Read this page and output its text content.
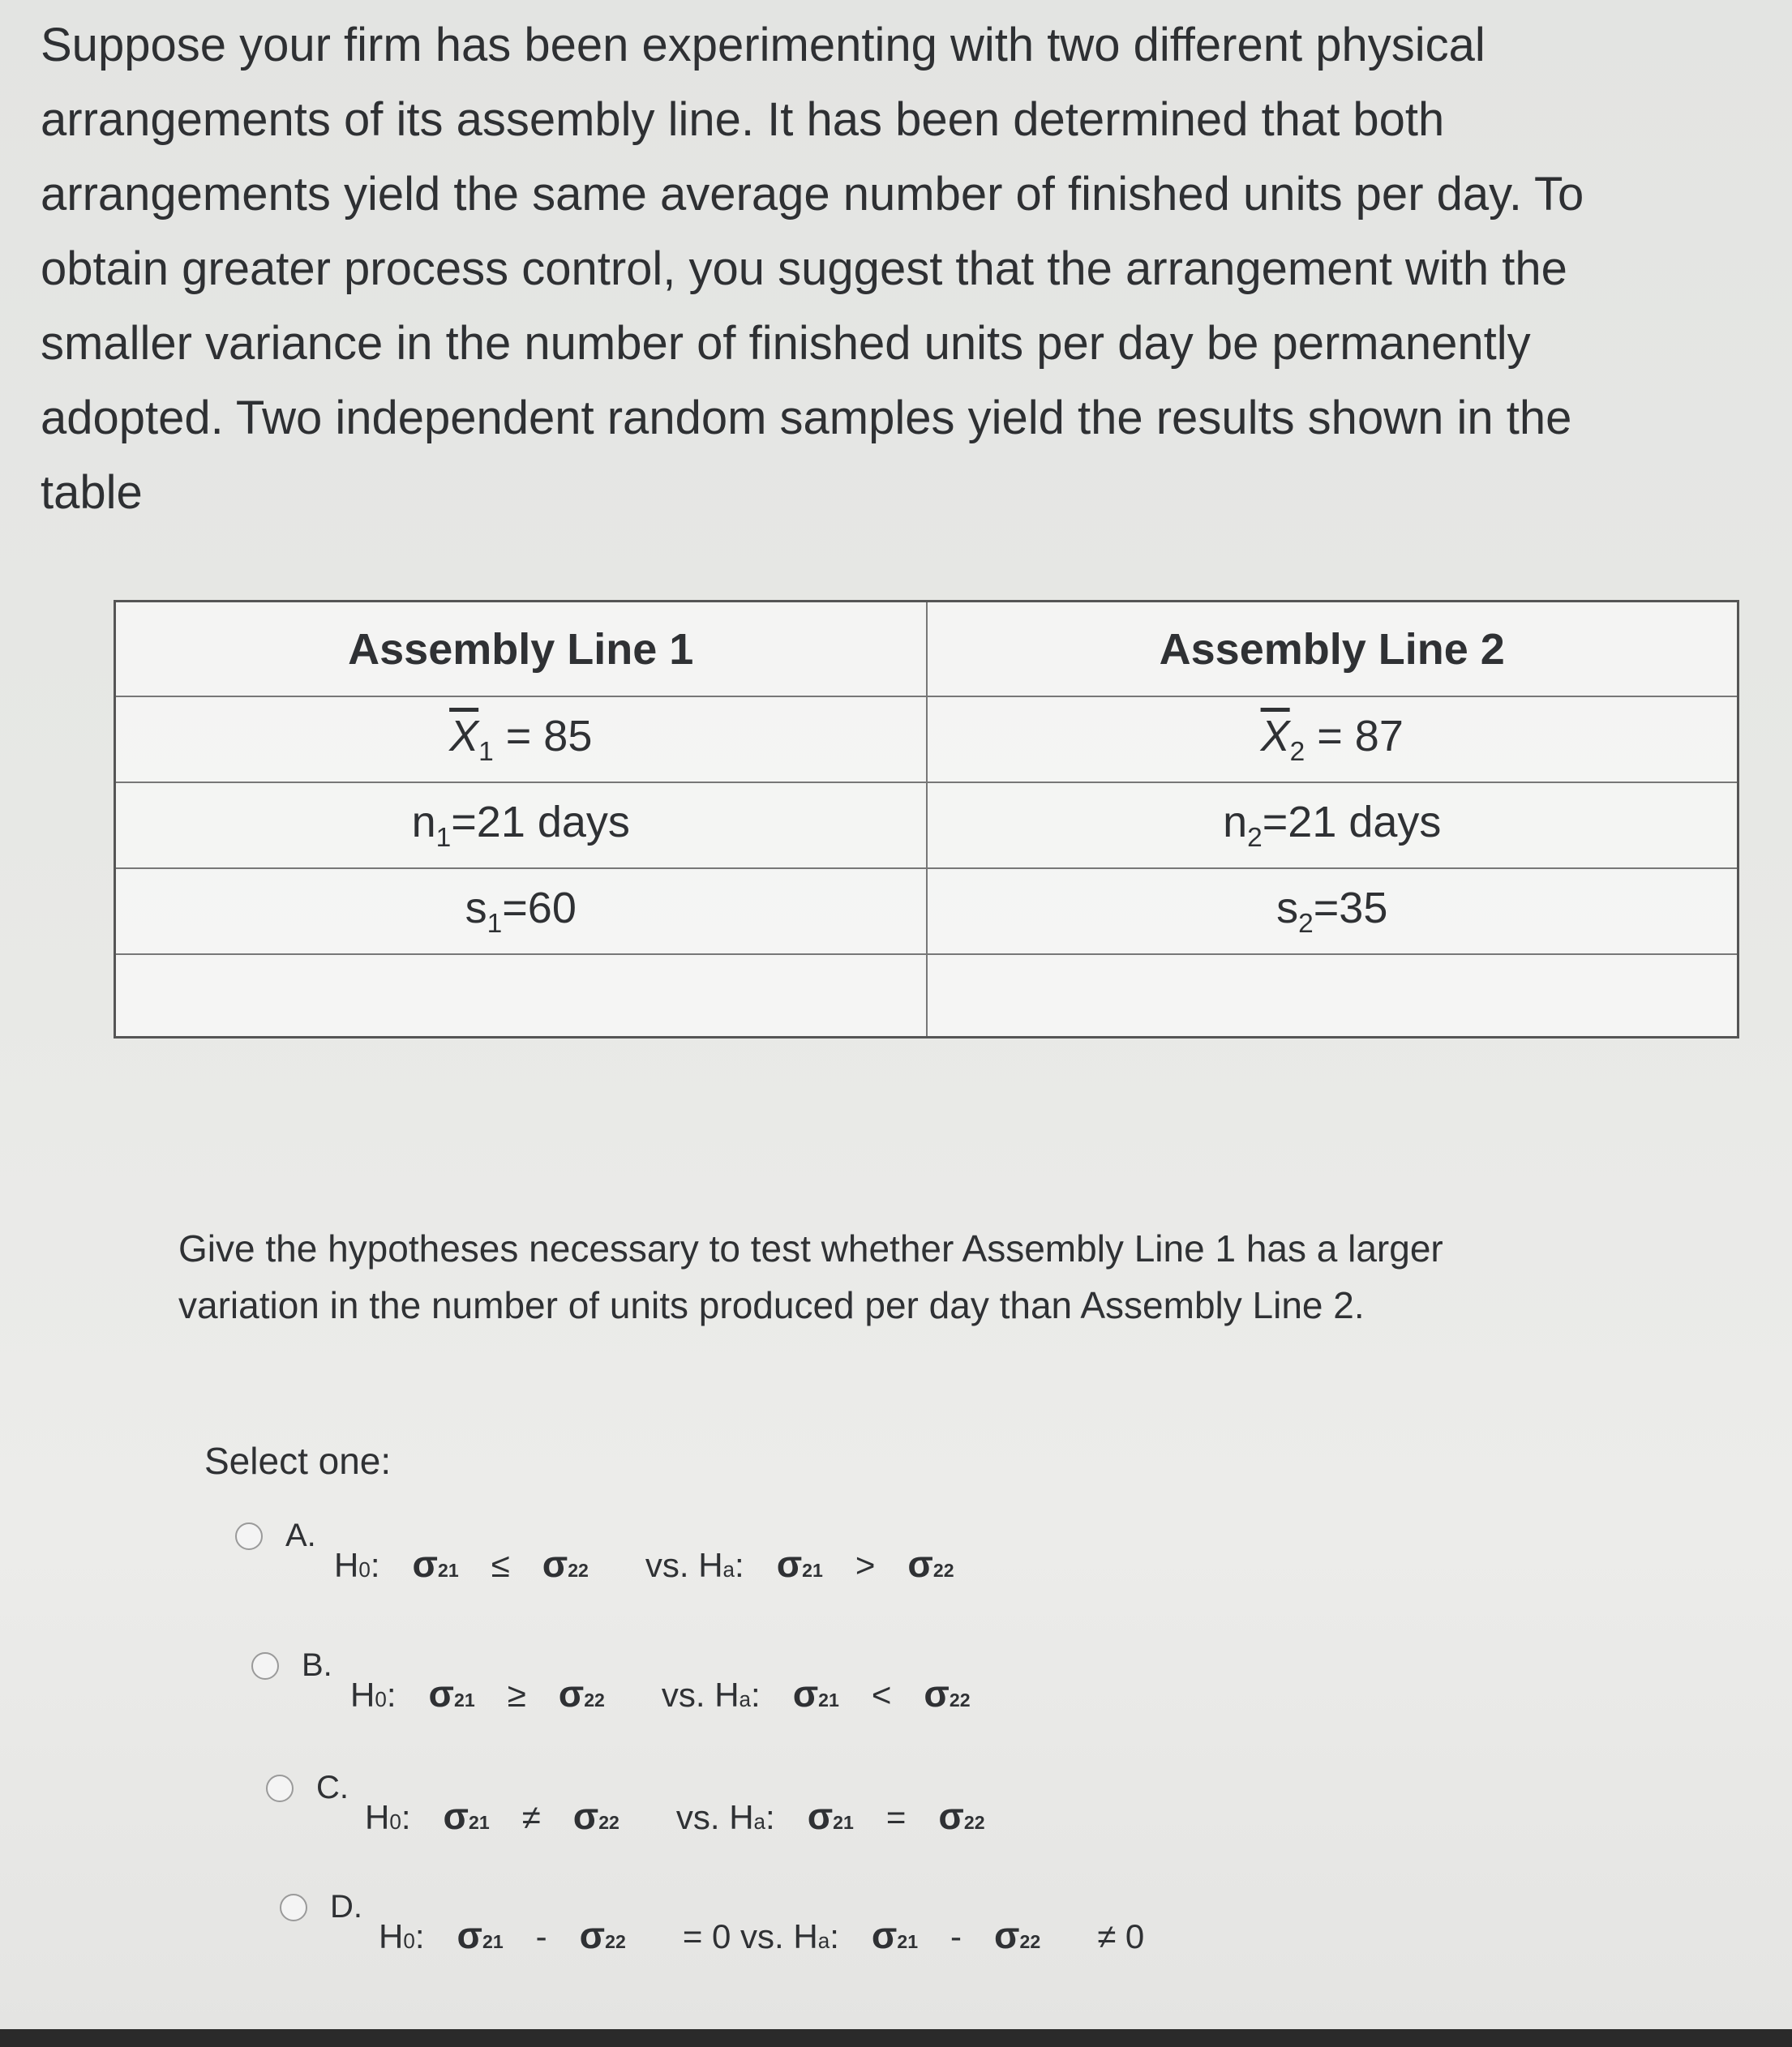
Suppose your firm has been experimenting with two different physical

arrangements of its assembly line. It has been determined that both

arrangements yield the same average number of finished units per day. To

obtain greater process control, you suggest that the arrangement with the

smaller variance in the number of finished units per day be permanently

adopted. Two independent random samples yield the results shown in the

table

Assembly Line 1	Assembly Line 2
$\overline{X}_1 = 85$	$\overline{X}_2 = 87$
$n_1=21$ days	$n_2=21$ days
$s_1=60$	$s_2=35$

Give the hypotheses necessary to test whether Assembly Line 1 has a larger

variation in the number of units produced per day than Assembly Line 2.

Select one:
A.
H 0 : $\sigma_2$ $1 \le \sigma_2$ 2 vs. H a : $\sigma_2$ $1 > \sigma_2$ 2
B.
H 0 : $\sigma_2$ $1 \ge \sigma_2$ 2 vs. H a : $\sigma_2$ $1 < \sigma_2$ 2
C.
H 0 : $\sigma_2$ $1 \ne \sigma_2$ 2 vs. H a : $\sigma_2$ $1 = \sigma_2$ 2
D.
H 0 : $\sigma_2$ $1 - \sigma_2$ 2 = 0 vs. H a : $\sigma_2$ $1 - \sigma_2$ 2 ≠ 0
